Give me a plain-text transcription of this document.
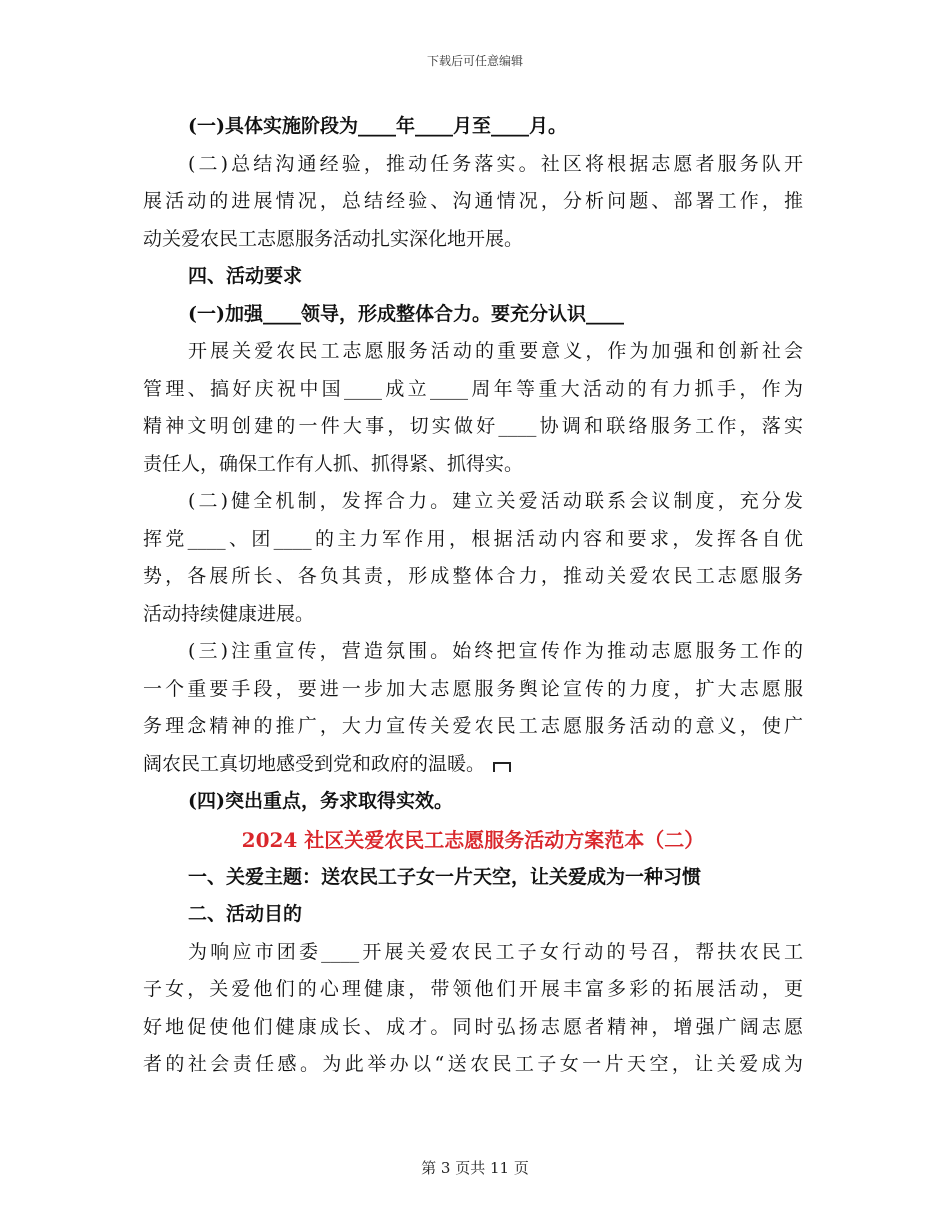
下载后可任意编辑
(一)具体实施阶段为____年____月至____月。
(二)总结沟通经验，推动任务落实。社区将根据志愿者服务队开
展活动的进展情况，总结经验、沟通情况，分析问题、部署工作，推
动关爱农民工志愿服务活动扎实深化地开展。
四、活动要求
(一)加强____领导，形成整体合力。要充分认识____
开展关爱农民工志愿服务活动的重要意义，作为加强和创新社会
管理、搞好庆祝中国____成立____周年等重大活动的有力抓手，作为
精神文明创建的一件大事，切实做好____协调和联络服务工作，落实
责任人，确保工作有人抓、抓得紧、抓得实。
(二)健全机制，发挥合力。建立关爱活动联系会议制度，充分发
挥党____、团____的主力军作用，根据活动内容和要求，发挥各自优
势，各展所长、各负其责，形成整体合力，推动关爱农民工志愿服务
活动持续健康进展。
(三)注重宣传，营造氛围。始终把宣传作为推动志愿服务工作的
一个重要手段，要进一步加大志愿服务舆论宣传的力度，扩大志愿服
务理念精神的推广，大力宣传关爱农民工志愿服务活动的意义，使广
阔农民工真切地感受到党和政府的温暖。
(四)突出重点，务求取得实效。
2024 社区关爱农民工志愿服务活动方案范本（二）
一、关爱主题：送农民工子女一片天空，让关爱成为一种习惯
二、活动目的
为响应市团委____开展关爱农民工子女行动的号召，帮扶农民工
子女，关爱他们的心理健康，带领他们开展丰富多彩的拓展活动，更
好地促使他们健康成长、成才。同时弘扬志愿者精神，增强广阔志愿
者的社会责任感。为此举办以“送农民工子女一片天空，让关爱成为
第 3 页共 11 页
